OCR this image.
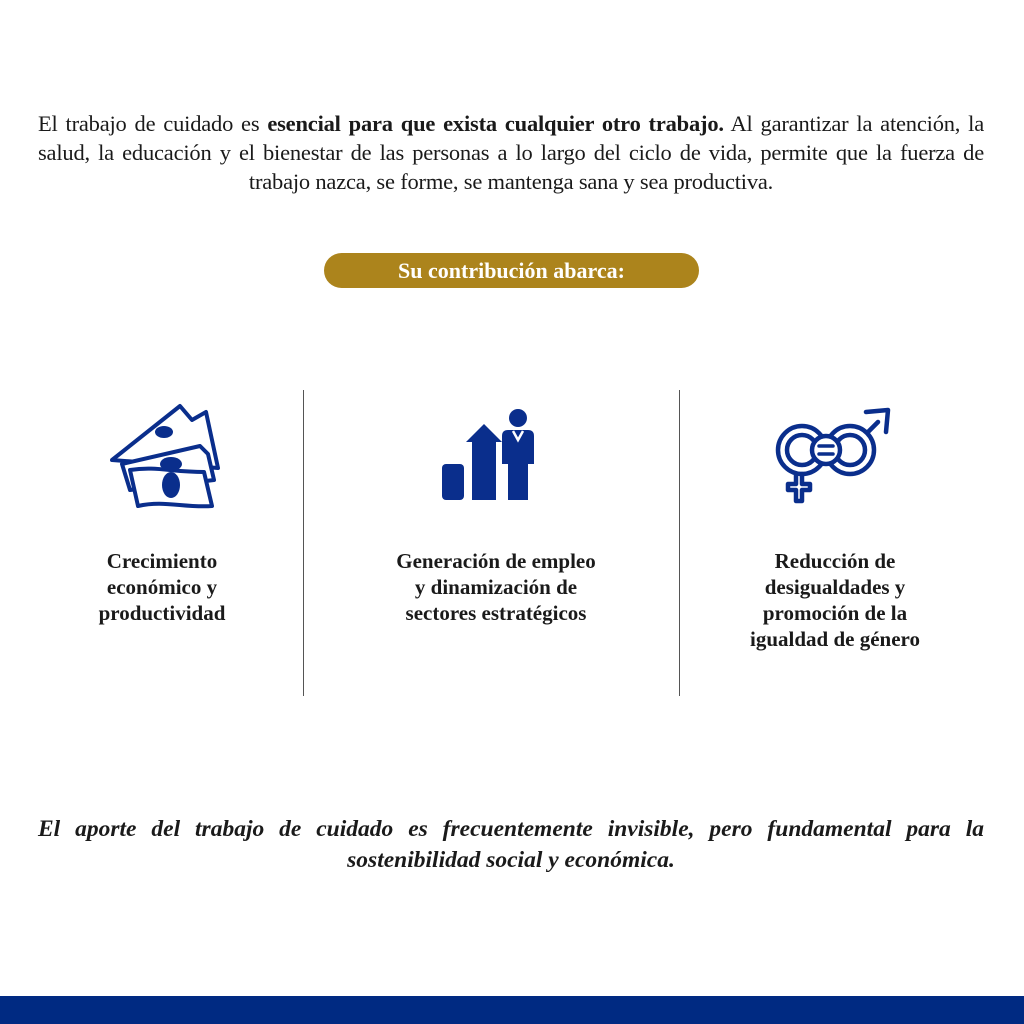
El trabajo de cuidado es esencial para que exista cualquier otro trabajo. Al garantizar la atención, la salud, la educación y el bienestar de las personas a lo largo del ciclo de vida, permite que la fuerza de trabajo nazca, se forme, se mantenga sana y sea productiva.

Su contribución abarca:
Crecimiento
económico y
productividad
Generación de empleo
y dinamización de
sectores estratégicos
Reducción de
desigualdades y
promoción de la
igualdad de género

El aporte del trabajo de cuidado es frecuentemente invisible, pero fundamental para la sostenibilidad social y económica.
